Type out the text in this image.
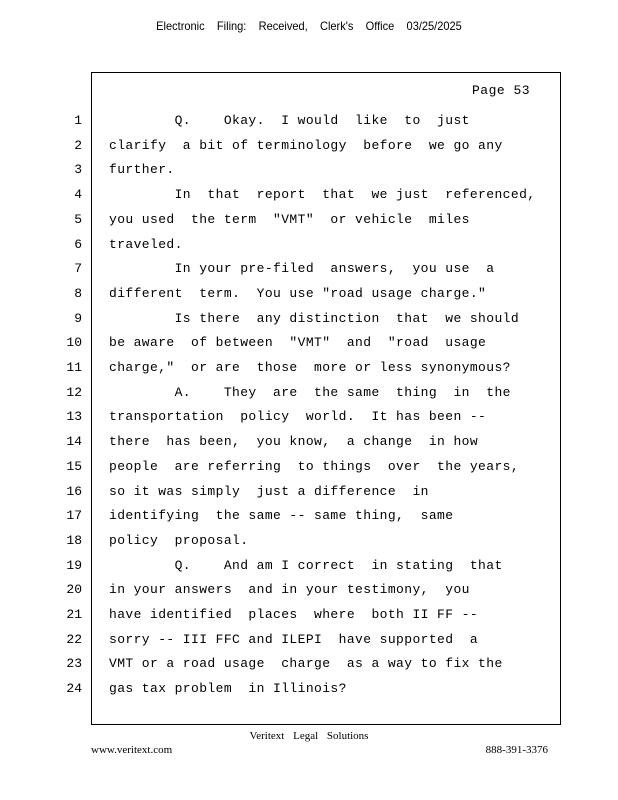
Electronic Filing: Received, Clerk's Office 03/25/2025
Page 53
1 Q.    Okay.  I would  like  to  just
2 clarify  a bit of terminology  before  we go any
3 further.
4 In  that  report  that  we just  referenced,
5 you used  the term  "VMT"  or vehicle  miles
6 traveled.
7 In your pre-filed  answers,  you use  a
8 different  term.  You use "road usage charge."
9 Is there  any distinction  that  we should
10 be aware  of between  "VMT"  and  "road  usage
11 charge,"  or are  those  more or less synonymous?
12 A.    They  are  the same  thing  in  the
13 transportation  policy  world.  It has been --
14 there  has been,  you know,  a change  in how
15 people  are referring  to things  over  the years,
16 so it was simply  just a difference  in
17 identifying  the same -- same thing,  same
18 policy  proposal.
19 Q.    And am I correct  in stating  that
20 in your answers  and in your testimony,  you
21 have identified  places  where  both II FF --
22 sorry -- III FFC and ILEPI  have supported  a
23 VMT or a road usage  charge  as a way to fix the
24 gas tax problem  in Illinois?
Veritext Legal Solutions
www.veritext.com	888-391-3376
